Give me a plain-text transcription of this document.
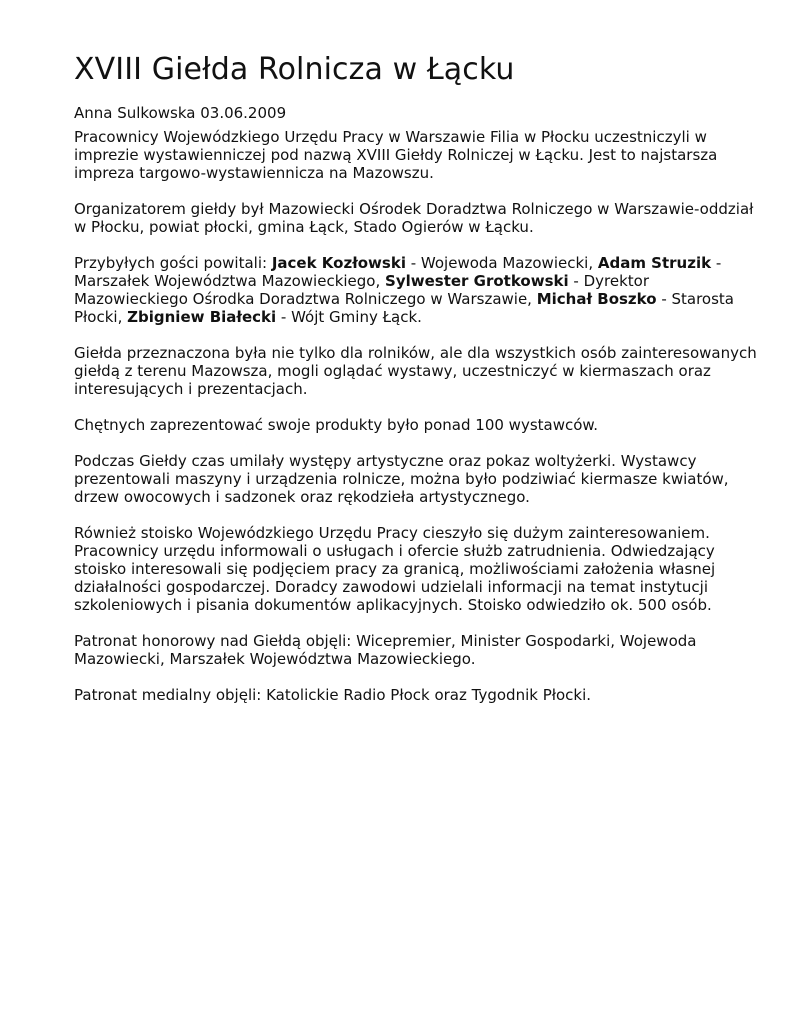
XVIII Giełda Rolnicza w Łącku

Anna Sulkowska 03.06.2009

Pracownicy Wojewódzkiego Urzędu Pracy w Warszawie Filia w Płocku uczestniczyli w imprezie wystawienniczej pod nazwą XVIII Giełdy Rolniczej w Łącku. Jest to najstarsza impreza targowo-wystawiennicza na Mazowszu.

Organizatorem giełdy był Mazowiecki Ośrodek Doradztwa Rolniczego w Warszawie-oddział w Płocku, powiat płocki, gmina Łąck, Stado Ogierów w Łącku.

Przybyłych gości powitali: Jacek Kozłowski - Wojewoda Mazowiecki, Adam Struzik - Marszałek Województwa Mazowieckiego, Sylwester Grotkowski - Dyrektor Mazowieckiego Ośrodka Doradztwa Rolniczego w Warszawie, Michał Boszko - Starosta Płocki, Zbigniew Białecki - Wójt Gminy Łąck.

Giełda przeznaczona była nie tylko dla rolników, ale dla wszystkich osób zainteresowanych giełdą z terenu Mazowsza, mogli oglądać wystawy, uczestniczyć w kiermaszach oraz interesujących i prezentacjach.

Chętnych zaprezentować swoje produkty było ponad 100 wystawców.

Podczas Giełdy czas umilały występy artystyczne oraz pokaz woltyżerki. Wystawcy prezentowali maszyny i urządzenia rolnicze, można było podziwiać kiermasze kwiatów, drzew owocowych i sadzonek oraz rękodzieła artystycznego.

Również stoisko Wojewódzkiego Urzędu Pracy cieszyło się dużym zainteresowaniem. Pracownicy urzędu informowali o usługach i ofercie służb zatrudnienia. Odwiedzający stoisko interesowali się podjęciem pracy za granicą, możliwościami założenia własnej działalności gospodarczej. Doradcy zawodowi udzielali informacji na temat instytucji szkoleniowych i pisania dokumentów aplikacyjnych. Stoisko odwiedziło ok. 500 osób.

Patronat honorowy nad Giełdą objęli: Wicepremier, Minister Gospodarki, Wojewoda Mazowiecki, Marszałek Województwa Mazowieckiego.

Patronat medialny objęli: Katolickie Radio Płock oraz Tygodnik Płocki.
